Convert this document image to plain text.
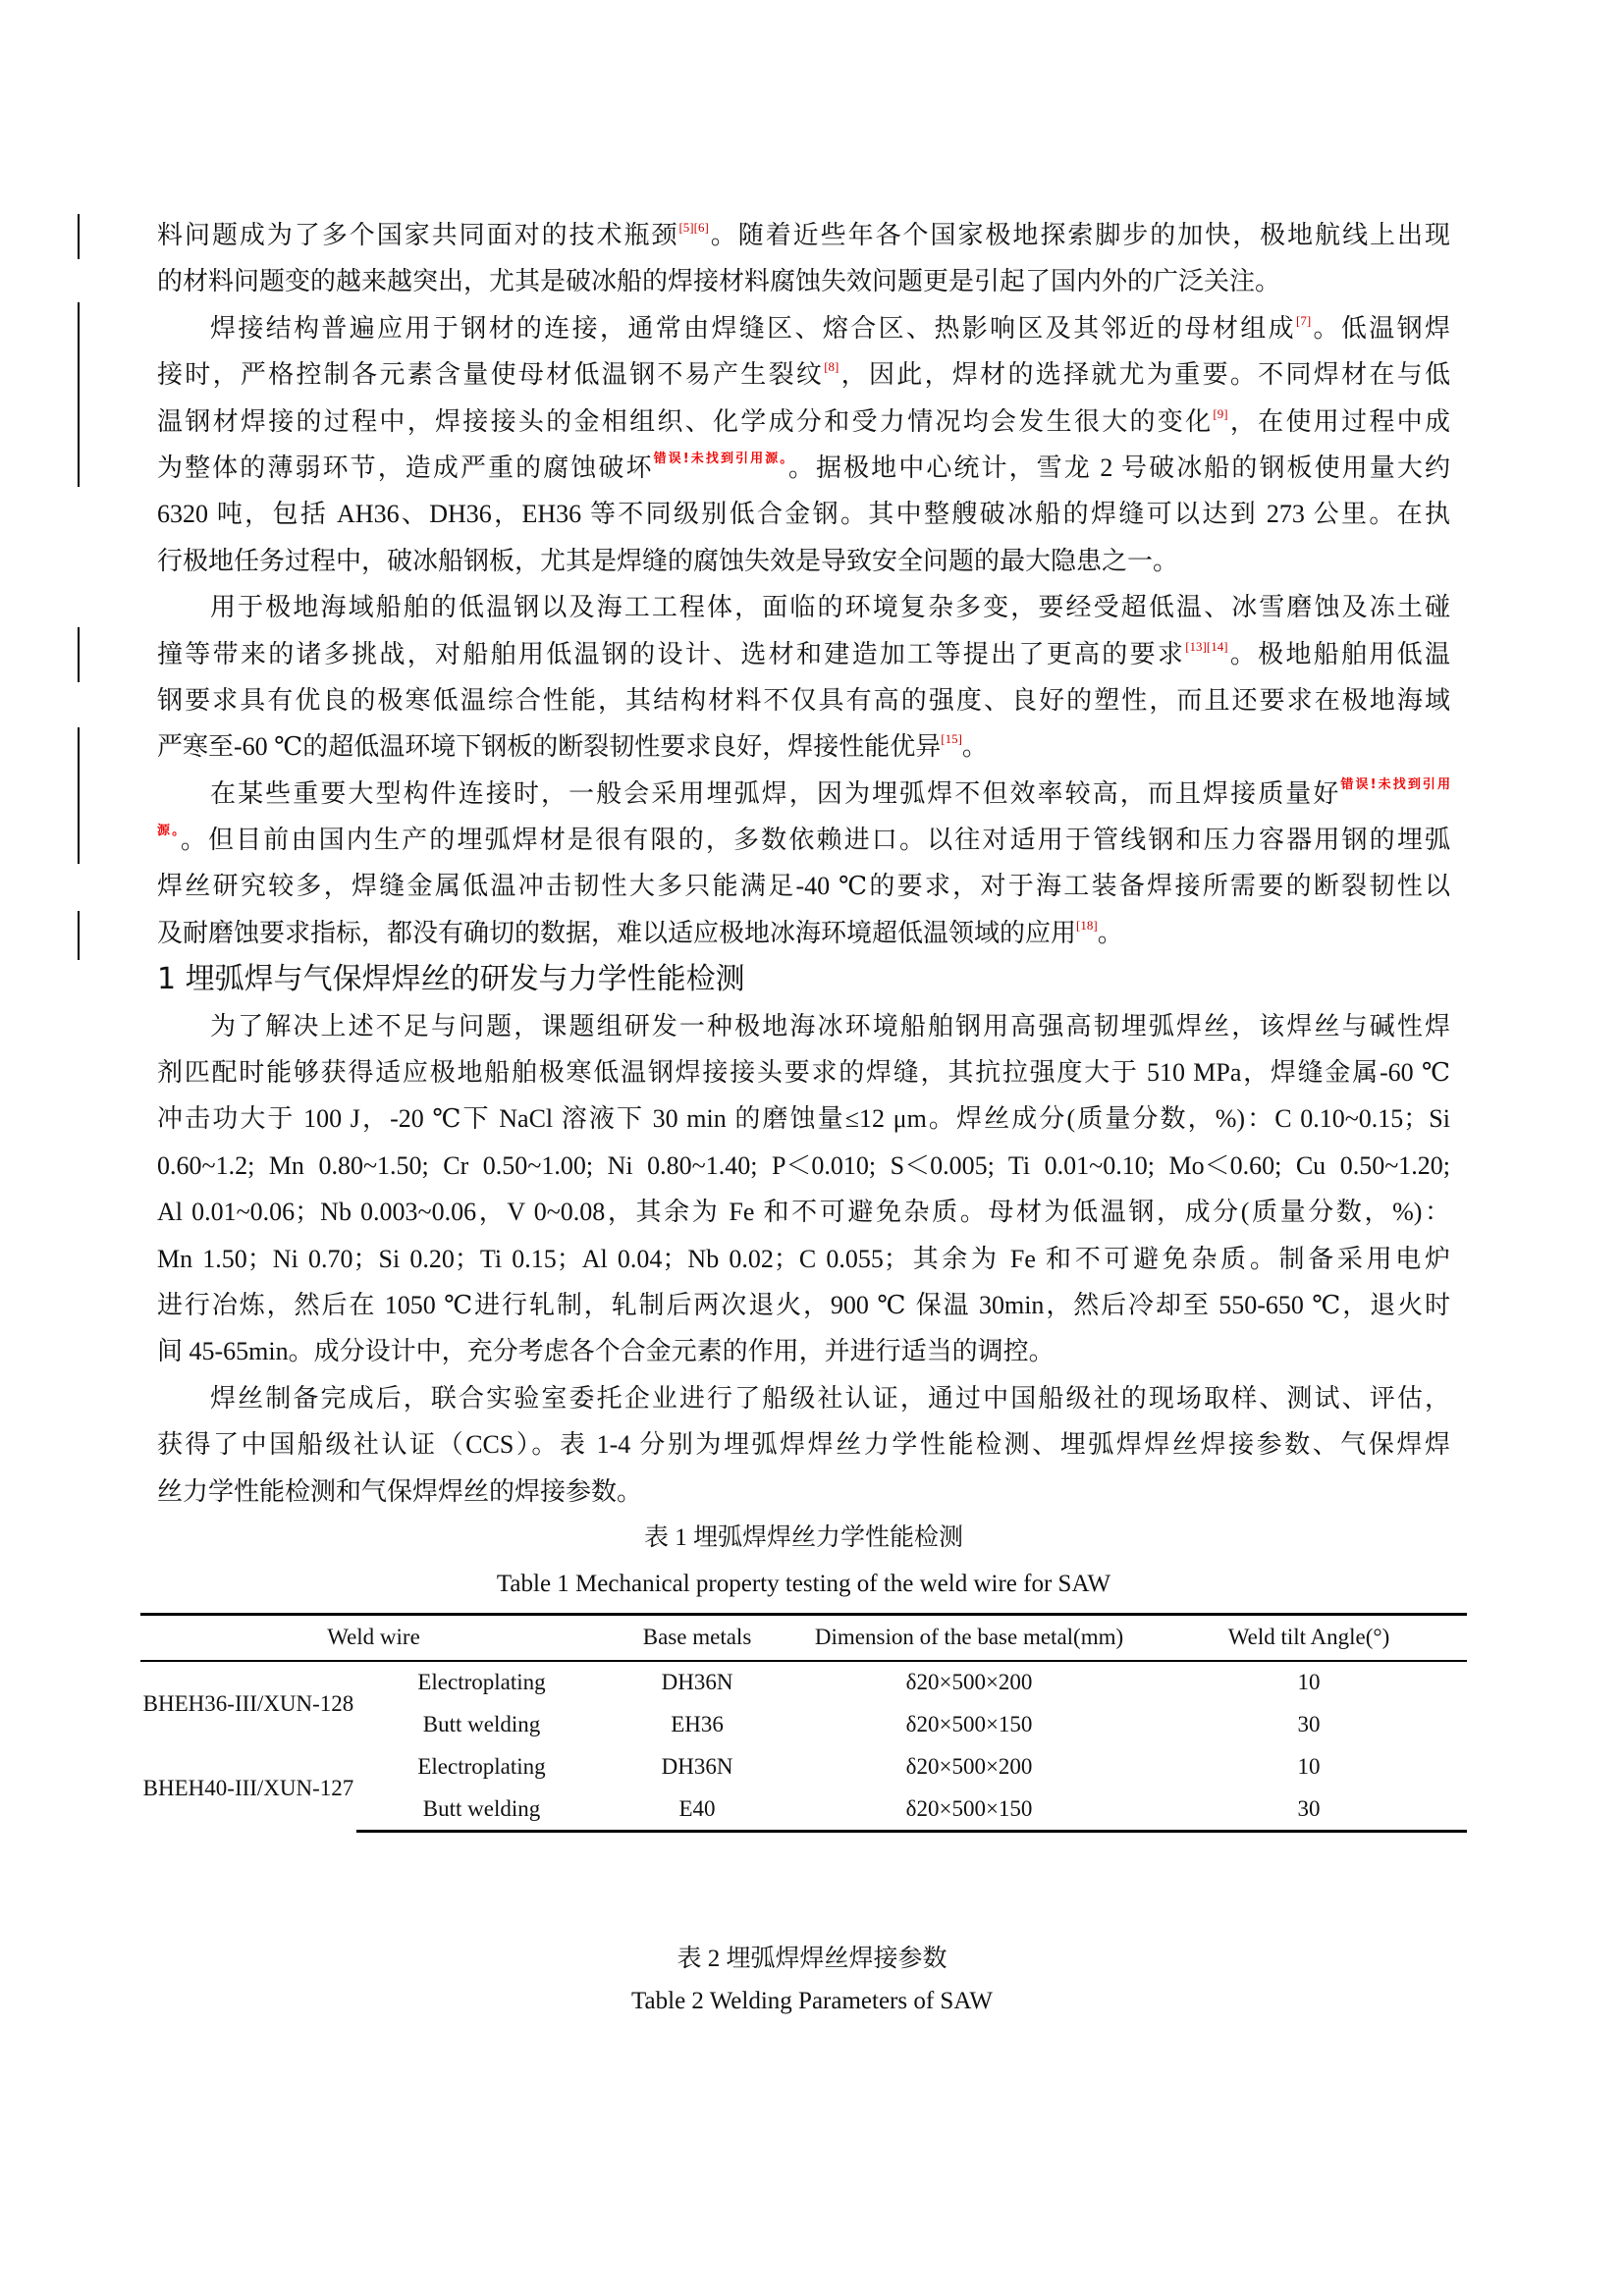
料问题成为了多个国家共同面对的技术瓶颈[5][6]。随着近些年各个国家极地探索脚步的加快，极地航线上出现
的材料问题变的越来越突出，尤其是破冰船的焊接材料腐蚀失效问题更是引起了国内外的广泛关注。
焊接结构普遍应用于钢材的连接，通常由焊缝区、熔合区、热影响区及其邻近的母材组成[7]。低温钢焊
接时，严格控制各元素含量使母材低温钢不易产生裂纹[8]，因此，焊材的选择就尤为重要。不同焊材在与低
温钢材焊接的过程中，焊接接头的金相组织、化学成分和受力情况均会发生很大的变化[9]，在使用过程中成
为整体的薄弱环节，造成严重的腐蚀破坏$^{错误!未找到引用源。}$。据极地中心统计，雪龙 2 号破冰船的钢板使用量大约
6320 吨，包括 AH36、DH36，EH36 等不同级别低合金钢。其中整艘破冰船的焊缝可以达到 273 公里。在执
行极地任务过程中，破冰船钢板，尤其是焊缝的腐蚀失效是导致安全问题的最大隐患之一。
用于极地海域船舶的低温钢以及海工工程体，面临的环境复杂多变，要经受超低温、冰雪磨蚀及冻土碰
撞等带来的诸多挑战，对船舶用低温钢的设计、选材和建造加工等提出了更高的要求[13][14]。极地船舶用低温
钢要求具有优良的极寒低温综合性能，其结构材料不仅具有高的强度、良好的塑性，而且还要求在极地海域
严寒至-60 ℃的超低温环境下钢板的断裂韧性要求良好，焊接性能优异[15]。
在某些重要大型构件连接时，一般会采用埋弧焊，因为埋弧焊不但效率较高，而且焊接质量好$^{错误!未找到引用}$
$^{源。}$。但目前由国内生产的埋弧焊材是很有限的，多数依赖进口。以往对适用于管线钢和压力容器用钢的埋弧
焊丝研究较多，焊缝金属低温冲击韧性大多只能满足-40 ℃的要求，对于海工装备焊接所需要的断裂韧性以
及耐磨蚀要求指标，都没有确切的数据，难以适应极地冰海环境超低温领域的应用[18]。
1 埋弧焊与气保焊焊丝的研发与力学性能检测
为了解决上述不足与问题，课题组研发一种极地海冰环境船舶钢用高强高韧埋弧焊丝，该焊丝与碱性焊
剂匹配时能够获得适应极地船舶极寒低温钢焊接接头要求的焊缝，其抗拉强度大于 510 MPa，焊缝金属-60 ℃
冲击功大于 100 J，-20 ℃下 NaCl 溶液下 30 min 的磨蚀量≤12 μm。焊丝成分(质量分数，%)：C 0.10~0.15；Si
0.60~1.2; Mn 0.80~1.50; Cr 0.50~1.00; Ni 0.80~1.40; P＜0.010; S＜0.005; Ti 0.01~0.10; Mo＜0.60; Cu 0.50~1.20;
Al 0.01~0.06；Nb 0.003~0.06，V 0~0.08，其余为 Fe 和不可避免杂质。母材为低温钢，成分(质量分数，%)：
Mn 1.50；Ni 0.70；Si 0.20；Ti 0.15；Al 0.04；Nb 0.02；C 0.055；其余为 Fe 和不可避免杂质。制备采用电炉
进行冶炼，然后在 1050 ℃进行轧制，轧制后两次退火，900 ℃ 保温 30min，然后冷却至 550-650 ℃，退火时
间 45-65min。成分设计中，充分考虑各个合金元素的作用，并进行适当的调控。
焊丝制备完成后，联合实验室委托企业进行了船级社认证，通过中国船级社的现场取样、测试、评估，
获得了中国船级社认证（CCS）。表 1-4 分别为埋弧焊焊丝力学性能检测、埋弧焊焊丝焊接参数、气保焊焊
丝力学性能检测和气保焊焊丝的焊接参数。
表 1 埋弧焊焊丝力学性能检测
Table 1 Mechanical property testing of the weld wire for SAW
Weld wire		Base metals	Dimension of the base metal(mm)	Weld tilt Angle(°)
BHEH36-III/XUN-128	Electroplating	DH36N	δ20×500×200	10
	Butt welding	EH36	δ20×500×150	30
BHEH40-III/XUN-127	Electroplating	DH36N	δ20×500×200	10
	Butt welding	E40	δ20×500×150	30
表 2 埋弧焊焊丝焊接参数
Table 2 Welding Parameters of SAW
